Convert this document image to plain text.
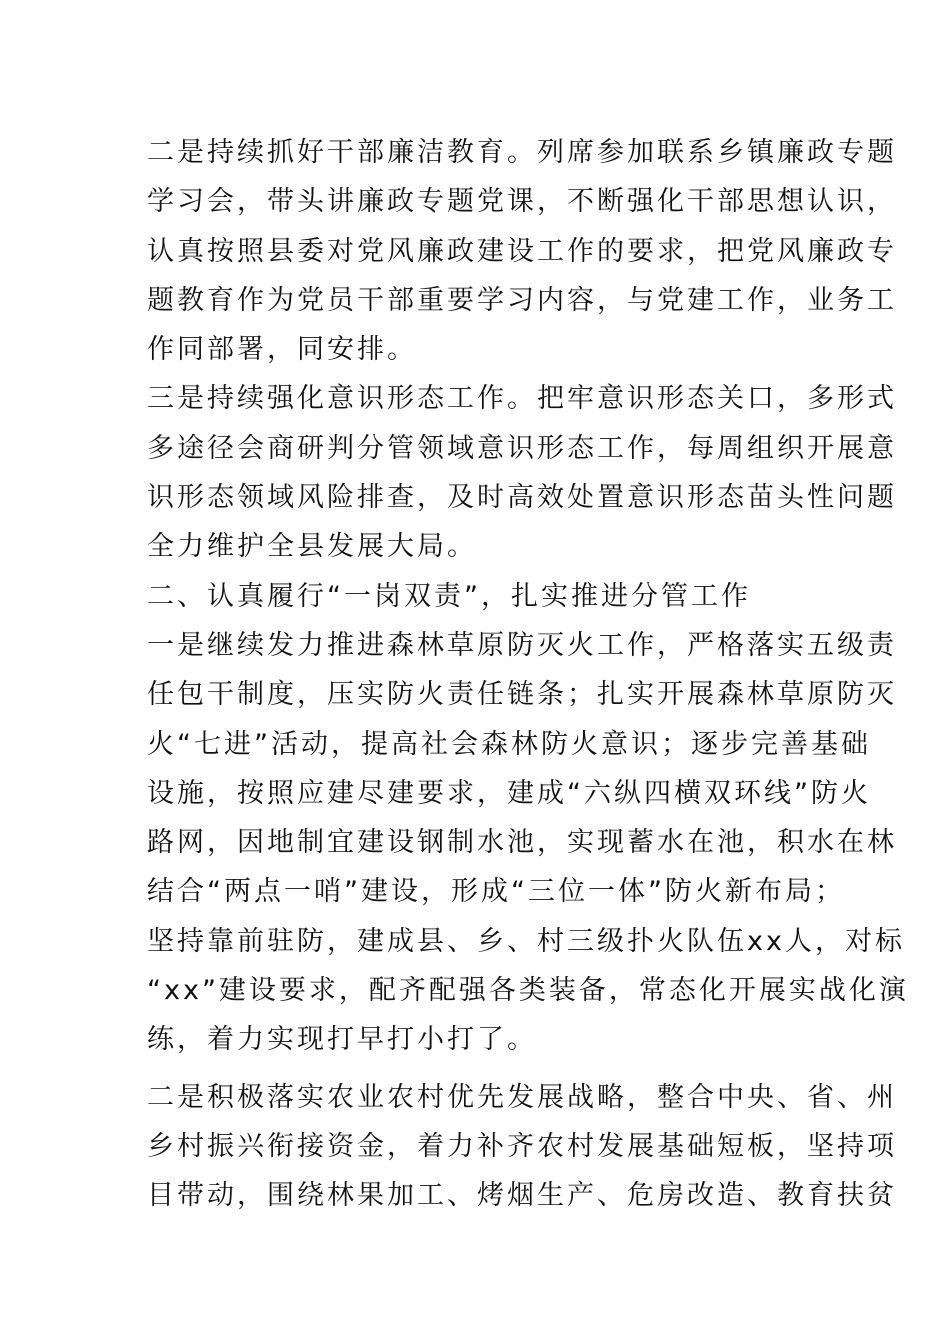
二是持续抓好干部廉洁教育。列席参加联系乡镇廉政专题
学习会，带头讲廉政专题党课，不断强化干部思想认识，
认真按照县委对党风廉政建设工作的要求，把党风廉政专
题教育作为党员干部重要学习内容，与党建工作，业务工
作同部署，同安排。
三是持续强化意识形态工作。把牢意识形态关口，多形式
多途径会商研判分管领域意识形态工作，每周组织开展意
识形态领域风险排查，及时高效处置意识形态苗头性问题
全力维护全县发展大局。
二、认真履行“一岗双责”，扎实推进分管工作
一是继续发力推进森林草原防灭火工作，严格落实五级责
任包干制度，压实防火责任链条；扎实开展森林草原防灭
火“七进”活动，提高社会森林防火意识；逐步完善基础
设施，按照应建尽建要求，建成“六纵四横双环线”防火
路网，因地制宜建设钢制水池，实现蓄水在池，积水在林
结合“两点一哨”建设，形成“三位一体”防火新布局；
坚持靠前驻防，建成县、乡、村三级扑火队伍xx人，对标
“xx”建设要求，配齐配强各类装备，常态化开展实战化演
练，着力实现打早打小打了。
二是积极落实农业农村优先发展战略，整合中央、省、州
乡村振兴衔接资金，着力补齐农村发展基础短板，坚持项
目带动，围绕林果加工、烤烟生产、危房改造、教育扶贫
